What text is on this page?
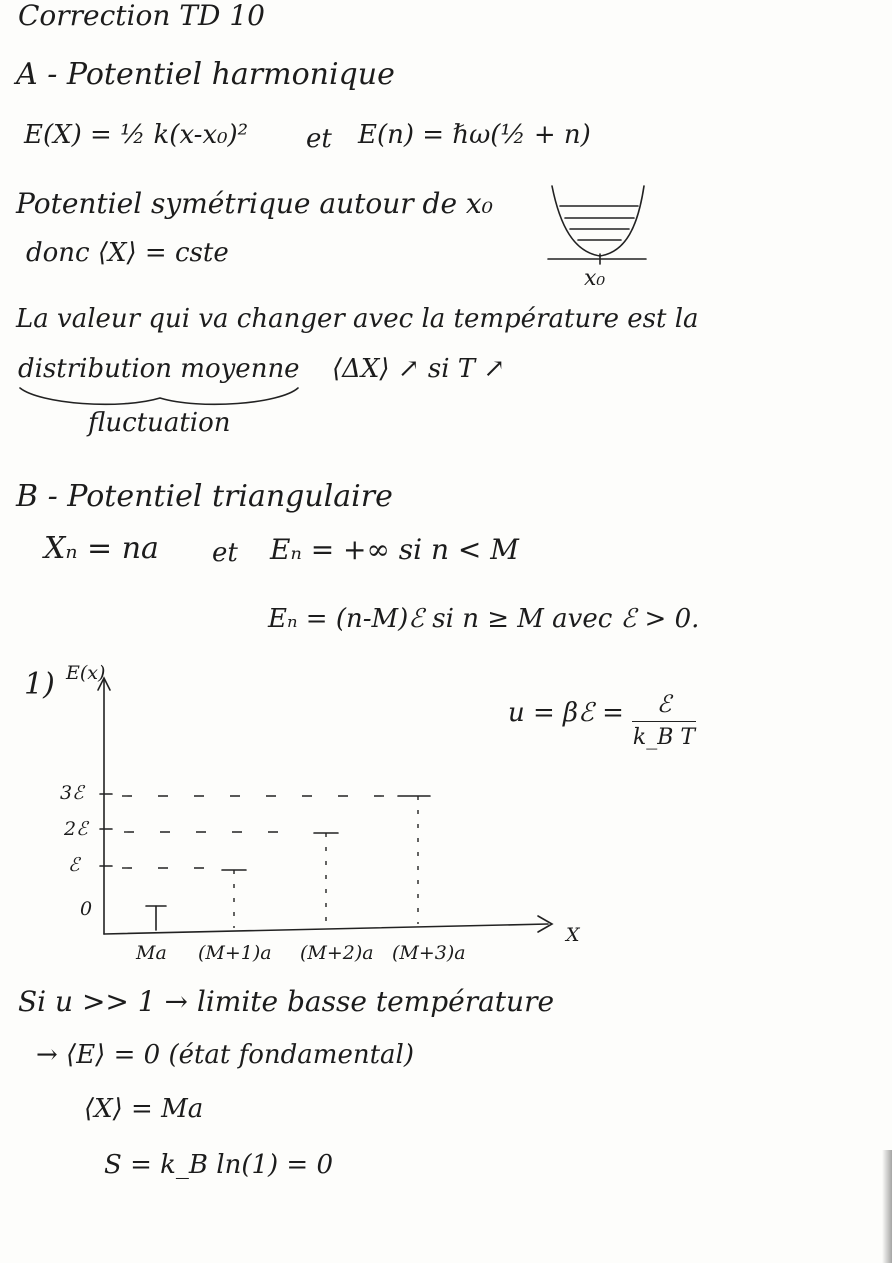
Correction TD 10
A - Potentiel harmonique
E(X) = ½ k(x-x₀)² et E(n) = ℏω(½ + n)
Potentiel symétrique autour de x₀
donc ⟨X⟩ = cste
x₀
La valeur qui va changer avec la température est la
distribution moyenne ⟨ΔX⟩ ↗ si T ↗
fluctuation
B - Potentiel triangulaire
Xₙ = na et Eₙ = +∞ si n < M
Eₙ = (n-M)ℰ si n ≥ M avec ℰ > 0.
1)
u = βℰ =	ℰ
k_B T
E(x)
X
3ℰ
2ℰ
ℰ
0
Ma (M+1)a (M+2)a (M+3)a
Si u >> 1 → limite basse température
→ ⟨E⟩ = 0 (état fondamental)
⟨X⟩ = Ma
S = k_B ln(1) = 0
